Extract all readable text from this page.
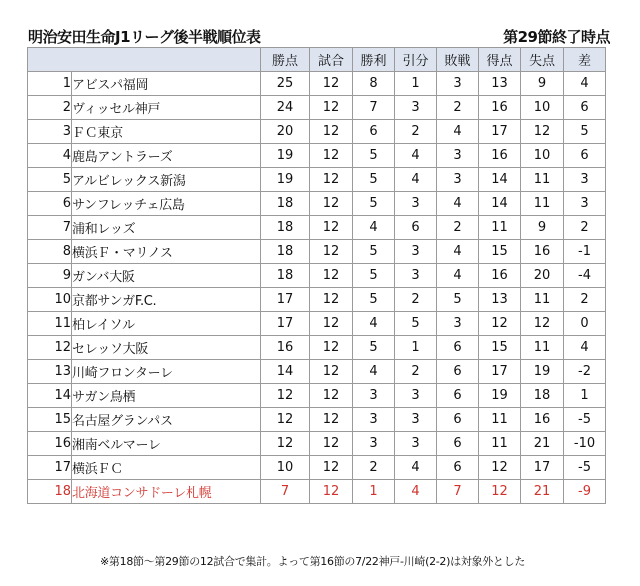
明治安田生命J1リーグ後半戦順位表	第29節終了時点
		勝点	試合	勝利	引分	敗戦	得点	失点	差
1	アビスパ福岡	25	12	8	1	3	13	9	4
2	ヴィッセル神戸	24	12	7	3	2	16	10	6
3	ＦＣ東京	20	12	6	2	4	17	12	5
4	鹿島アントラーズ	19	12	5	4	3	16	10	6
5	アルビレックス新潟	19	12	5	4	3	14	11	3
6	サンフレッチェ広島	18	12	5	3	4	14	11	3
7	浦和レッズ	18	12	4	6	2	11	9	2
8	横浜Ｆ・マリノス	18	12	5	3	4	15	16	-1
9	ガンバ大阪	18	12	5	3	4	16	20	-4
10	京都サンガF.C.	17	12	5	2	5	13	11	2
11	柏レイソル	17	12	4	5	3	12	12	0
12	セレッソ大阪	16	12	5	1	6	15	11	4
13	川崎フロンターレ	14	12	4	2	6	17	19	-2
14	サガン鳥栖	12	12	3	3	6	19	18	1
15	名古屋グランパス	12	12	3	3	6	11	16	-5
16	湘南ベルマーレ	12	12	3	3	6	11	21	-10
17	横浜ＦＣ	10	12	2	4	6	12	17	-5
18	北海道コンサドーレ札幌	7	12	1	4	7	12	21	-9
※第18節～第29節の12試合で集計。よって第16節の7/22神戸-川崎(2-2)は対象外とした
